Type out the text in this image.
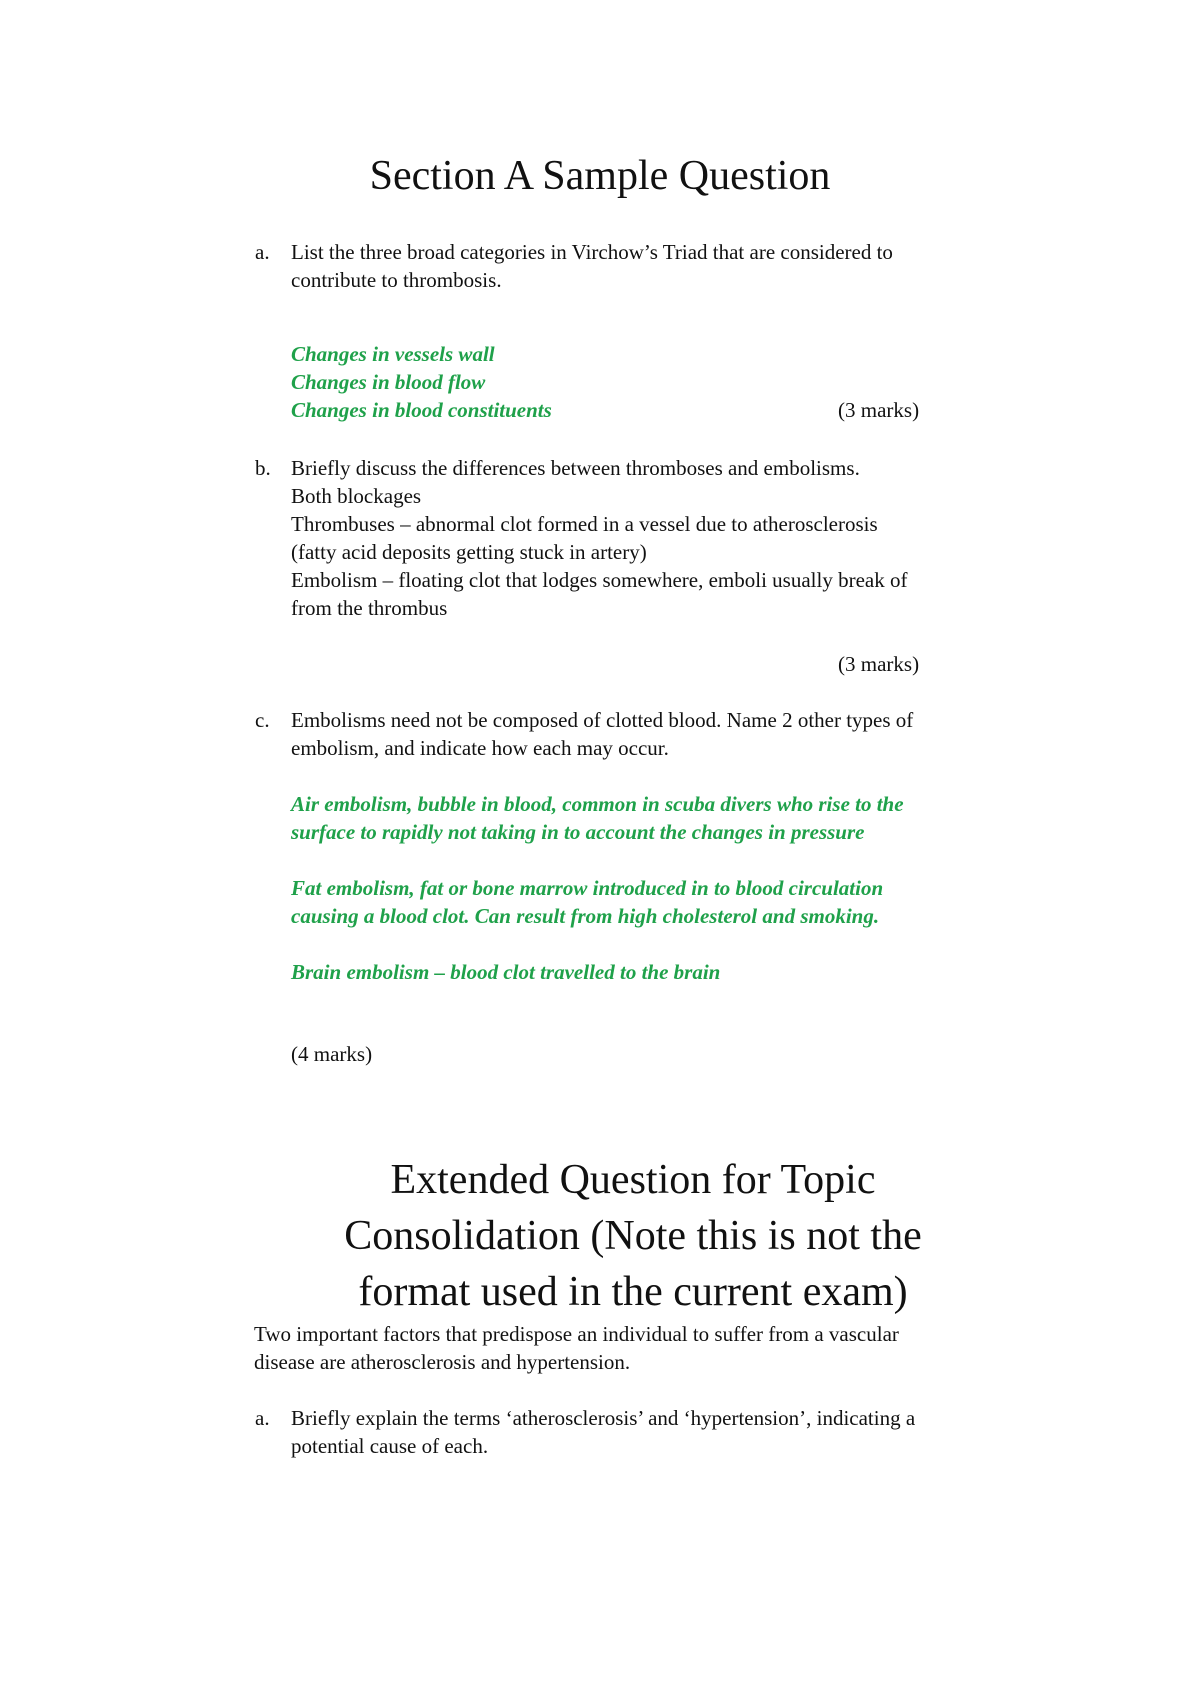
Section A Sample Question
a. List the three broad categories in Virchow’s Triad that are considered to
contribute to thrombosis.
Changes in vessels wall
Changes in blood flow
Changes in blood constituents	(3 marks)
b. Briefly discuss the differences between thromboses and embolisms.
Both blockages
Thrombuses – abnormal clot formed in a vessel due to atherosclerosis
(fatty acid deposits getting stuck in artery)
Embolism – floating clot that lodges somewhere, emboli usually break of
from the thrombus
(3 marks)
c. Embolisms need not be composed of clotted blood. Name 2 other types of
embolism, and indicate how each may occur.
Air embolism, bubble in blood, common in scuba divers who rise to the
surface to rapidly not taking in to account the changes in pressure
Fat embolism, fat or bone marrow introduced in to blood circulation
causing a blood clot. Can result from high cholesterol and smoking.
Brain embolism – blood clot travelled to the brain
(4 marks)
Extended Question for Topic
Consolidation (Note this is not the
format used in the current exam)
Two important factors that predispose an individual to suffer from a vascular
disease are atherosclerosis and hypertension.
a. Briefly explain the terms ‘atherosclerosis’ and ‘hypertension’, indicating a
potential cause of each.
